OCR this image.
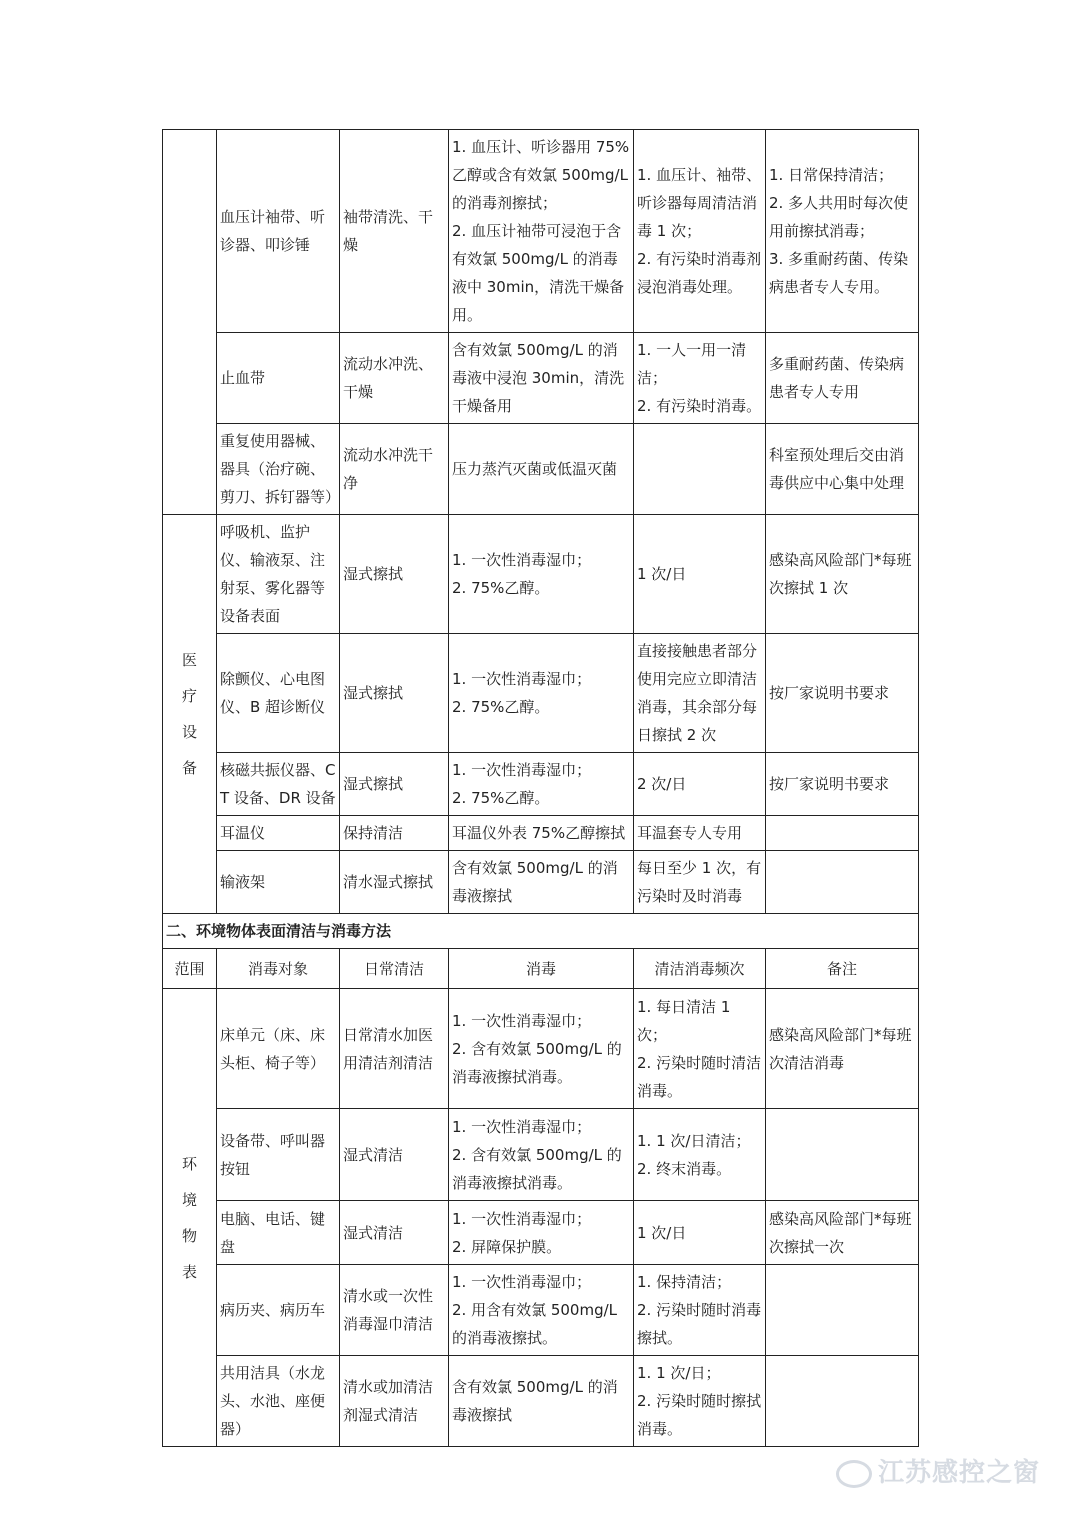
	血压计袖带、听诊器、叩诊锤	袖带清洗、干燥	1. 血压计、听诊器用 75%乙醇或含有效氯 500mg/L 的消毒剂擦拭；
2. 血压计袖带可浸泡于含有效氯 500mg/L 的消毒液中 30min，清洗干燥备用。	1. 血压计、袖带、听诊器每周清洁消毒 1 次；
2. 有污染时消毒剂浸泡消毒处理。	1. 日常保持清洁；
2. 多人共用时每次使用前擦拭消毒；
3. 多重耐药菌、传染病患者专人专用。
	止血带	流动水冲洗、干燥	含有效氯 500mg/L 的消毒液中浸泡 30min，清洗干燥备用	1. 一人一用一清洁；
2. 有污染时消毒。	多重耐药菌、传染病患者专人专用
	重复使用器械、器具（治疗碗、剪刀、拆钉器等）	流动水冲洗干净	压力蒸汽灭菌或低温灭菌		科室预处理后交由消毒供应中心集中处理
医疗设备	呼吸机、监护仪、输液泵、注射泵、雾化器等设备表面	湿式擦拭	1. 一次性消毒湿巾；
2. 75%乙醇。	1 次/日	感染高风险部门*每班次擦拭 1 次
	除颤仪、心电图仪、B 超诊断仪	湿式擦拭	1. 一次性消毒湿巾；
2. 75%乙醇。	直接接触患者部分使用完应立即清洁消毒，其余部分每日擦拭 2 次	按厂家说明书要求
	核磁共振仪器、CT 设备、DR 设备	湿式擦拭	1. 一次性消毒湿巾；
2. 75%乙醇。	2 次/日	按厂家说明书要求
	耳温仪	保持清洁	耳温仪外表 75%乙醇擦拭	耳温套专人专用	
	输液架	清水湿式擦拭	含有效氯 500mg/L 的消毒液擦拭	每日至少 1 次，有污染时及时消毒	
二、环境物体表面清洁与消毒方法					
范围	消毒对象	日常清洁	消毒	清洁消毒频次	备注
环境物表	床单元（床、床头柜、椅子等）	日常清水加医用清洁剂清洁	1. 一次性消毒湿巾；
2. 含有效氯 500mg/L 的消毒液擦拭消毒。	1. 每日清洁 1 次；
2. 污染时随时清洁消毒。	感染高风险部门*每班次清洁消毒
	设备带、呼叫器按钮	湿式清洁	1. 一次性消毒湿巾；
2. 含有效氯 500mg/L 的消毒液擦拭消毒。	1. 1 次/日清洁；
2. 终末消毒。	
	电脑、电话、键盘	湿式清洁	1. 一次性消毒湿巾；
2. 屏障保护膜。	1 次/日	感染高风险部门*每班次擦拭一次
	病历夹、病历车	清水或一次性消毒湿巾清洁	1. 一次性消毒湿巾；
2. 用含有效氯 500mg/L 的消毒液擦拭。	1. 保持清洁；
2. 污染时随时消毒擦拭。	
	共用洁具（水龙头、水池、座便器）	清水或加清洁剂湿式清洁	含有效氯 500mg/L 的消毒液擦拭	1. 1 次/日；
2. 污染时随时擦拭消毒。	
江苏感控之窗
